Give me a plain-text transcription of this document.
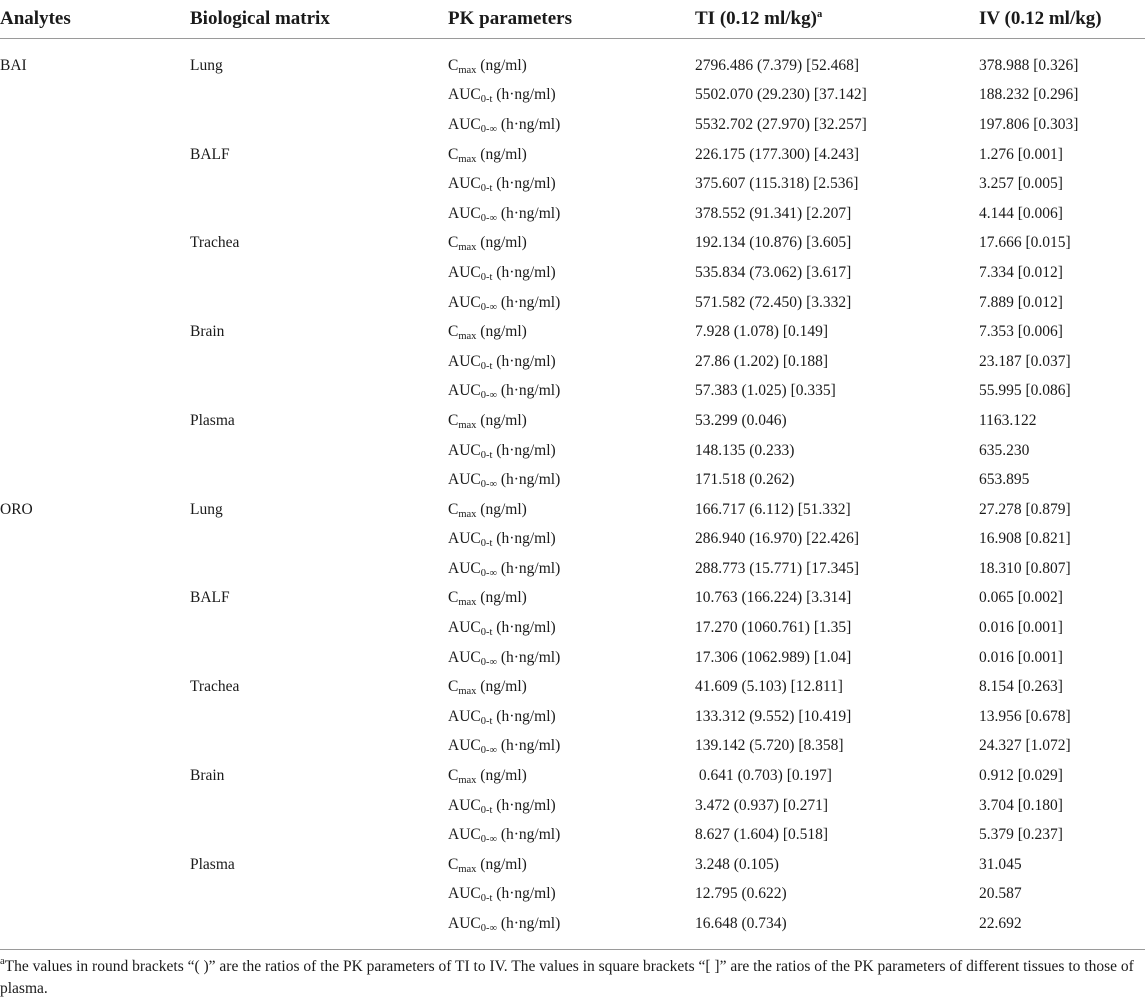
Analytes	Biological matrix	PK parameters	TI (0.12 ml/kg)$^a$	IV (0.12 ml/kg)
BAI	Lung	$C_{max}$ (ng/ml)	2796.486 (7.379) [52.468]	378.988 [0.326]
		$AUC_{0-t}$ (h·ng/ml)	5502.070 (29.230) [37.142]	188.232 [0.296]
		$AUC_{0-\infty}$ (h·ng/ml)	5532.702 (27.970) [32.257]	197.806 [0.303]
	BALF	$C_{max}$ (ng/ml)	226.175 (177.300) [4.243]	1.276 [0.001]
		$AUC_{0-t}$ (h·ng/ml)	375.607 (115.318) [2.536]	3.257 [0.005]
		$AUC_{0-\infty}$ (h·ng/ml)	378.552 (91.341) [2.207]	4.144 [0.006]
	Trachea	$C_{max}$ (ng/ml)	192.134 (10.876) [3.605]	17.666 [0.015]
		$AUC_{0-t}$ (h·ng/ml)	535.834 (73.062) [3.617]	7.334 [0.012]
		$AUC_{0-\infty}$ (h·ng/ml)	571.582 (72.450) [3.332]	7.889 [0.012]
	Brain	$C_{max}$ (ng/ml)	7.928 (1.078) [0.149]	7.353 [0.006]
		$AUC_{0-t}$ (h·ng/ml)	27.86 (1.202) [0.188]	23.187 [0.037]
		$AUC_{0-\infty}$ (h·ng/ml)	57.383 (1.025) [0.335]	55.995 [0.086]
	Plasma	$C_{max}$ (ng/ml)	53.299 (0.046)	1163.122
		$AUC_{0-t}$ (h·ng/ml)	148.135 (0.233)	635.230
		$AUC_{0-\infty}$ (h·ng/ml)	171.518 (0.262)	653.895
ORO	Lung	$C_{max}$ (ng/ml)	166.717 (6.112) [51.332]	27.278 [0.879]
		$AUC_{0-t}$ (h·ng/ml)	286.940 (16.970) [22.426]	16.908 [0.821]
		$AUC_{0-\infty}$ (h·ng/ml)	288.773 (15.771) [17.345]	18.310 [0.807]
	BALF	$C_{max}$ (ng/ml)	10.763 (166.224) [3.314]	0.065 [0.002]
		$AUC_{0-t}$ (h·ng/ml)	17.270 (1060.761) [1.35]	0.016 [0.001]
		$AUC_{0-\infty}$ (h·ng/ml)	17.306 (1062.989) [1.04]	0.016 [0.001]
	Trachea	$C_{max}$ (ng/ml)	41.609 (5.103) [12.811]	8.154 [0.263]
		$AUC_{0-t}$ (h·ng/ml)	133.312 (9.552) [10.419]	13.956 [0.678]
		$AUC_{0-\infty}$ (h·ng/ml)	139.142 (5.720) [8.358]	24.327 [1.072]
	Brain	$C_{max}$ (ng/ml)	0.641 (0.703) [0.197]	0.912 [0.029]
		$AUC_{0-t}$ (h·ng/ml)	3.472 (0.937) [0.271]	3.704 [0.180]
		$AUC_{0-\infty}$ (h·ng/ml)	8.627 (1.604) [0.518]	5.379 [0.237]
	Plasma	$C_{max}$ (ng/ml)	3.248 (0.105)	31.045
		$AUC_{0-t}$ (h·ng/ml)	12.795 (0.622)	20.587
		$AUC_{0-\infty}$ (h·ng/ml)	16.648 (0.734)	22.692
$^a$The values in round brackets “( )” are the ratios of the PK parameters of TI to IV. The values in square brackets “[ ]” are the ratios of the PK parameters of different tissues to those of plasma.
